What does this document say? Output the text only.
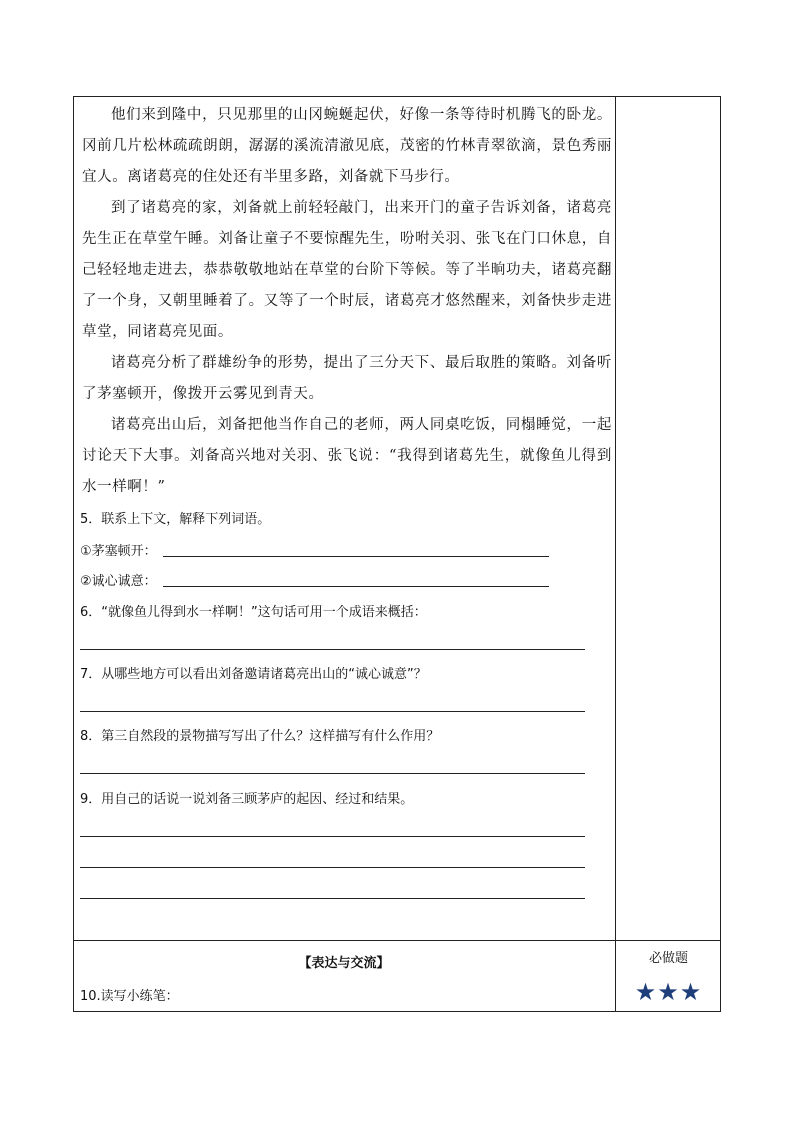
他们来到隆中，只见那里的山冈蜿蜒起伏，好像一条等待时机腾飞的卧龙。冈前几片松林疏疏朗朗，潺潺的溪流清澈见底，茂密的竹林青翠欲滴，景色秀丽宜人。离诸葛亮的住处还有半里多路，刘备就下马步行。

到了诸葛亮的家，刘备就上前轻轻敲门，出来开门的童子告诉刘备，诸葛亮先生正在草堂午睡。刘备让童子不要惊醒先生，吩咐关羽、张飞在门口休息，自己轻轻地走进去，恭恭敬敬地站在草堂的台阶下等候。等了半晌功夫，诸葛亮翻了一个身，又朝里睡着了。又等了一个时辰，诸葛亮才悠然醒来，刘备快步走进草堂，同诸葛亮见面。

诸葛亮分析了群雄纷争的形势，提出了三分天下、最后取胜的策略。刘备听了茅塞顿开，像拨开云雾见到青天。

诸葛亮出山后，刘备把他当作自己的老师，两人同桌吃饭，同榻睡觉，一起讨论天下大事。刘备高兴地对关羽、张飞说：“我得到诸葛先生，就像鱼儿得到水一样啊！”

5．联系上下文，解释下列词语。
①茅塞顿开：
②诚心诚意：
6．“就像鱼儿得到水一样啊！”这句话可用一个成语来概括：
7．从哪些地方可以看出刘备邀请诸葛亮出山的“诚心诚意”？
8．第三自然段的景物描写写出了什么？这样描写有什么作用？
9．用自己的话说一说刘备三顾茅庐的起因、经过和结果。
【表达与交流】
10.读写小练笔：
必做题
★★★
